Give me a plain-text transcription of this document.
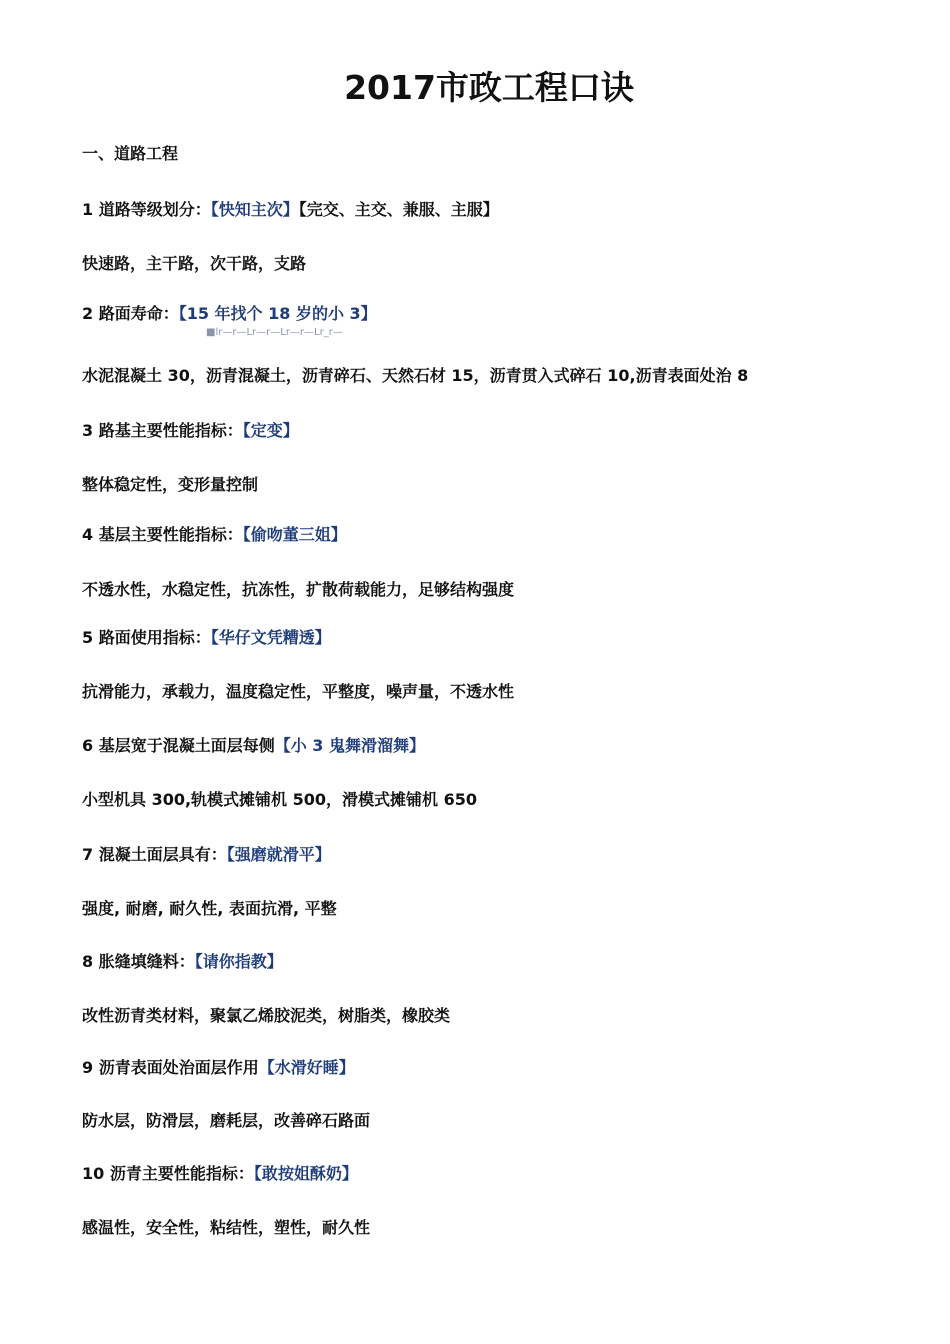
2017市政工程口诀
一、道路工程
1 道路等级划分：【快知主次】【完交、主交、兼服、主服】
快速路，主干路，次干路，支路
2 路面寿命：【15 年找个 18 岁的小 3】
■lr—r—Lr—r—Lr—r—Lr_r—
水泥混凝土 30，沥青混凝土，沥青碎石、天然石材 15，沥青贯入式碎石 10,沥青表面处治 8
3 路基主要性能指标：【定变】
整体稳定性，变形量控制
4 基层主要性能指标：【偷吻董三姐】
不透水性，水稳定性，抗冻性，扩散荷载能力，足够结构强度
5 路面使用指标：【华仔文凭糟透】
抗滑能力，承载力，温度稳定性，平整度，噪声量，不透水性
6 基层宽于混凝土面层每侧【小 3 鬼舞滑溜舞】
小型机具 300,轨模式摊铺机 500，滑模式摊铺机 650
7 混凝土面层具有：【强磨就滑平】
强度, 耐磨, 耐久性, 表面抗滑, 平整
8 胀缝填缝料：【请你指教】
改性沥青类材料，聚氯乙烯胶泥类，树脂类，橡胶类
9 沥青表面处治面层作用【水滑好睡】
防水层，防滑层，磨耗层，改善碎石路面
10 沥青主要性能指标：【敢按姐酥奶】
感温性，安全性，粘结性，塑性，耐久性
